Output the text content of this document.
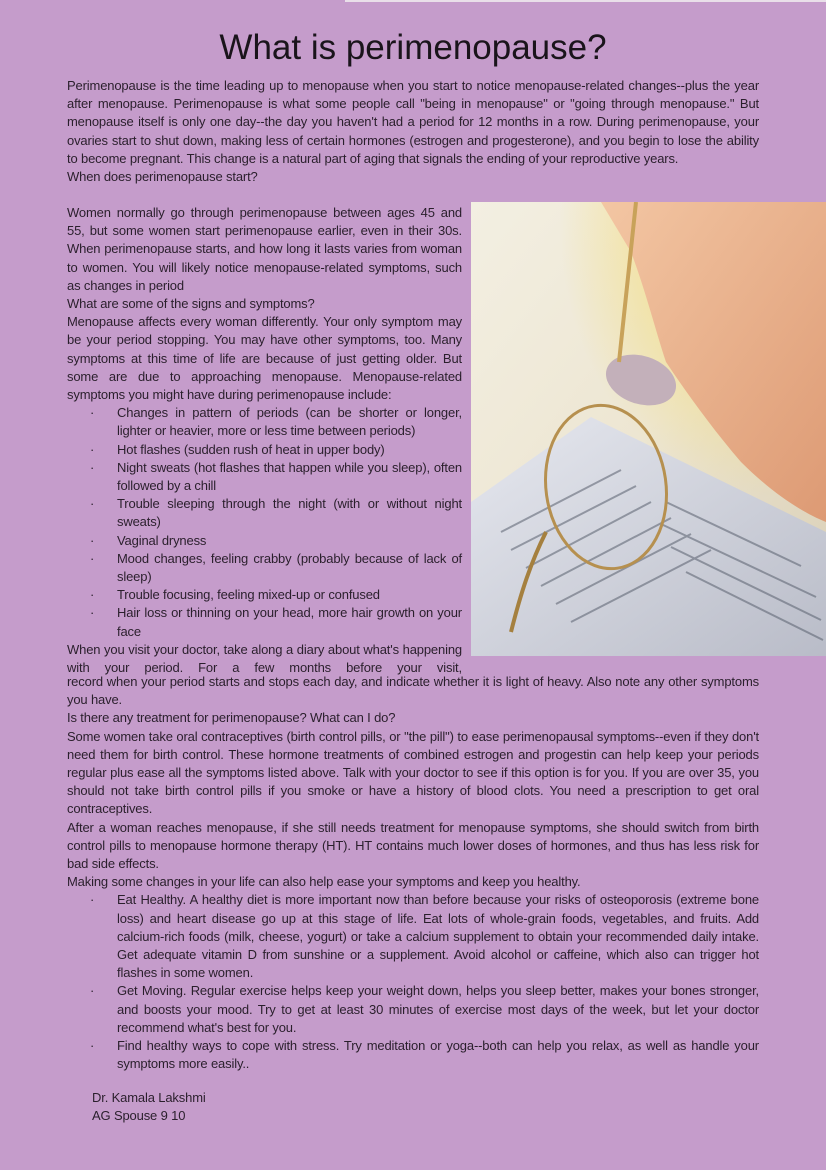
What is perimenopause?

Perimenopause is the time leading up to menopause when you start to notice menopause-related changes--plus the year after menopause. Perimenopause is what some people call "being in menopause" or "going through menopause." But menopause itself is only one day--the day you haven't had a period for 12 months in a row. During perimenopause, your ovaries start to shut down, making less of certain hormones (estrogen and progesterone), and you begin to lose the ability to become pregnant. This change is a natural part of aging that signals the ending of your reproductive years.

When does perimenopause start?

Women normally go through perimenopause between ages 45 and 55, but some women start perimenopause earlier, even in their 30s. When perimenopause starts, and how long it lasts varies from woman to women. You will likely notice menopause-related symptoms, such as changes in period

What are some of the signs and symptoms?

Menopause affects every woman differently. Your only symptom may be your period stopping. You may have other symptoms, too. Many symptoms at this time of life are because of just getting older. But some are due to approaching menopause. Menopause-related symptoms you might have during perimenopause include:

· Changes in pattern of periods (can be shorter or longer, lighter or heavier, more or less time between periods)
· Hot flashes (sudden rush of heat in upper body)
· Night sweats (hot flashes that happen while you sleep), often followed by a chill
· Trouble sleeping through the night (with or without night sweats)
· Vaginal dryness
· Mood changes, feeling crabby (probably because of lack of sleep)
· Trouble focusing, feeling mixed-up or confused
· Hair loss or thinning on your head, more hair growth on your face

When you visit your doctor, take along a diary about what's happening with your period. For a few months before your visit,

record when your period starts and stops each day, and indicate whether it is light of heavy. Also note any other symptoms you have.

Is there any treatment for perimenopause? What can I do?

Some women take oral contraceptives (birth control pills, or "the pill") to ease perimenopausal symptoms--even if they don't need them for birth control. These hormone treatments of combined estrogen and progestin can help keep your periods regular plus ease all the symptoms listed above. Talk with your doctor to see if this option is for you. If you are over 35, you should not take birth control pills if you smoke or have a history of blood clots. You need a prescription to get oral contraceptives.

After a woman reaches menopause, if she still needs treatment for menopause symptoms, she should switch from birth control pills to menopause hormone therapy (HT). HT contains much lower doses of hormones, and thus has less risk for bad side effects.

Making some changes in your life can also help ease your symptoms and keep you healthy.

· Eat Healthy. A healthy diet is more important now than before because your risks of osteoporosis (extreme bone loss) and heart disease go up at this stage of life. Eat lots of whole-grain foods, vegetables, and fruits. Add calcium-rich foods (milk, cheese, yogurt) or take a calcium supplement to obtain your recommended daily intake. Get adequate vitamin D from sunshine or a supplement. Avoid alcohol or caffeine, which also can trigger hot flashes in some women.
· Get Moving. Regular exercise helps keep your weight down, helps you sleep better, makes your bones stronger, and boosts your mood. Try to get at least 30 minutes of exercise most days of the week, but let your doctor recommend what's best for you.
· Find healthy ways to cope with stress. Try meditation or yoga--both can help you relax, as well as handle your symptoms more easily..

Dr. Kamala Lakshmi

AG Spouse 9 10
